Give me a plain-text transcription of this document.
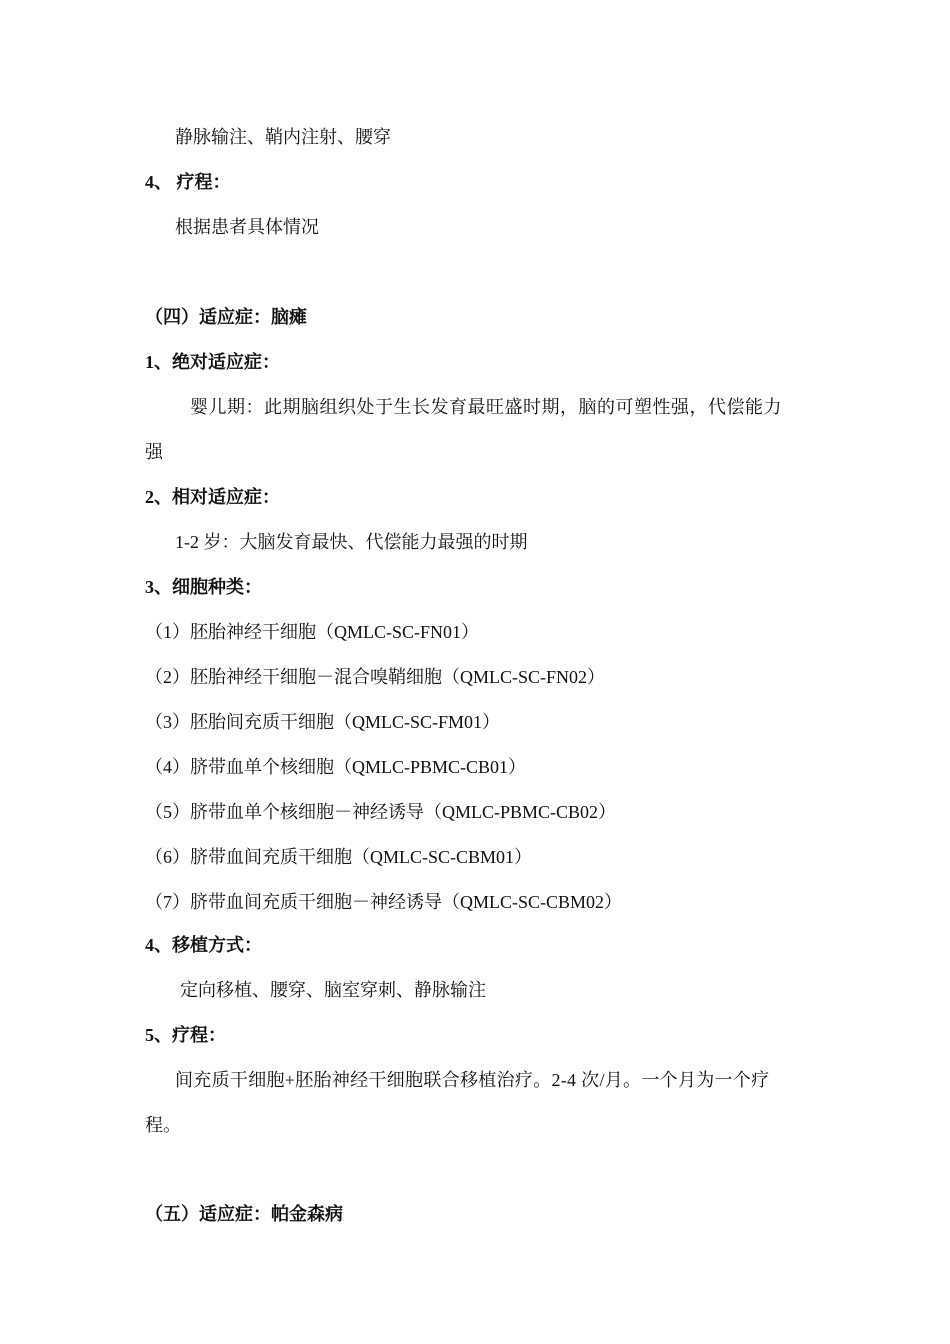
静脉输注、鞘内注射、腰穿
4、 疗程：
根据患者具体情况
（四）适应症：脑瘫
1、绝对适应症：
婴儿期：此期脑组织处于生长发育最旺盛时期，脑的可塑性强，代偿能力
强
2、相对适应症：
1-2 岁：大脑发育最快、代偿能力最强的时期
3、细胞种类：
（1）胚胎神经干细胞（QMLC-SC-FN01）
（2）胚胎神经干细胞－混合嗅鞘细胞（QMLC-SC-FN02）
（3）胚胎间充质干细胞（QMLC-SC-FM01）
（4）脐带血单个核细胞（QMLC-PBMC-CB01）
（5）脐带血单个核细胞－神经诱导（QMLC-PBMC-CB02）
（6）脐带血间充质干细胞（QMLC-SC-CBM01）
（7）脐带血间充质干细胞－神经诱导（QMLC-SC-CBM02）
4、移植方式：
定向移植、腰穿、脑室穿刺、静脉输注
5、疗程：
间充质干细胞+胚胎神经干细胞联合移植治疗。2-4 次/月。一个月为一个疗
程。
（五）适应症：帕金森病
